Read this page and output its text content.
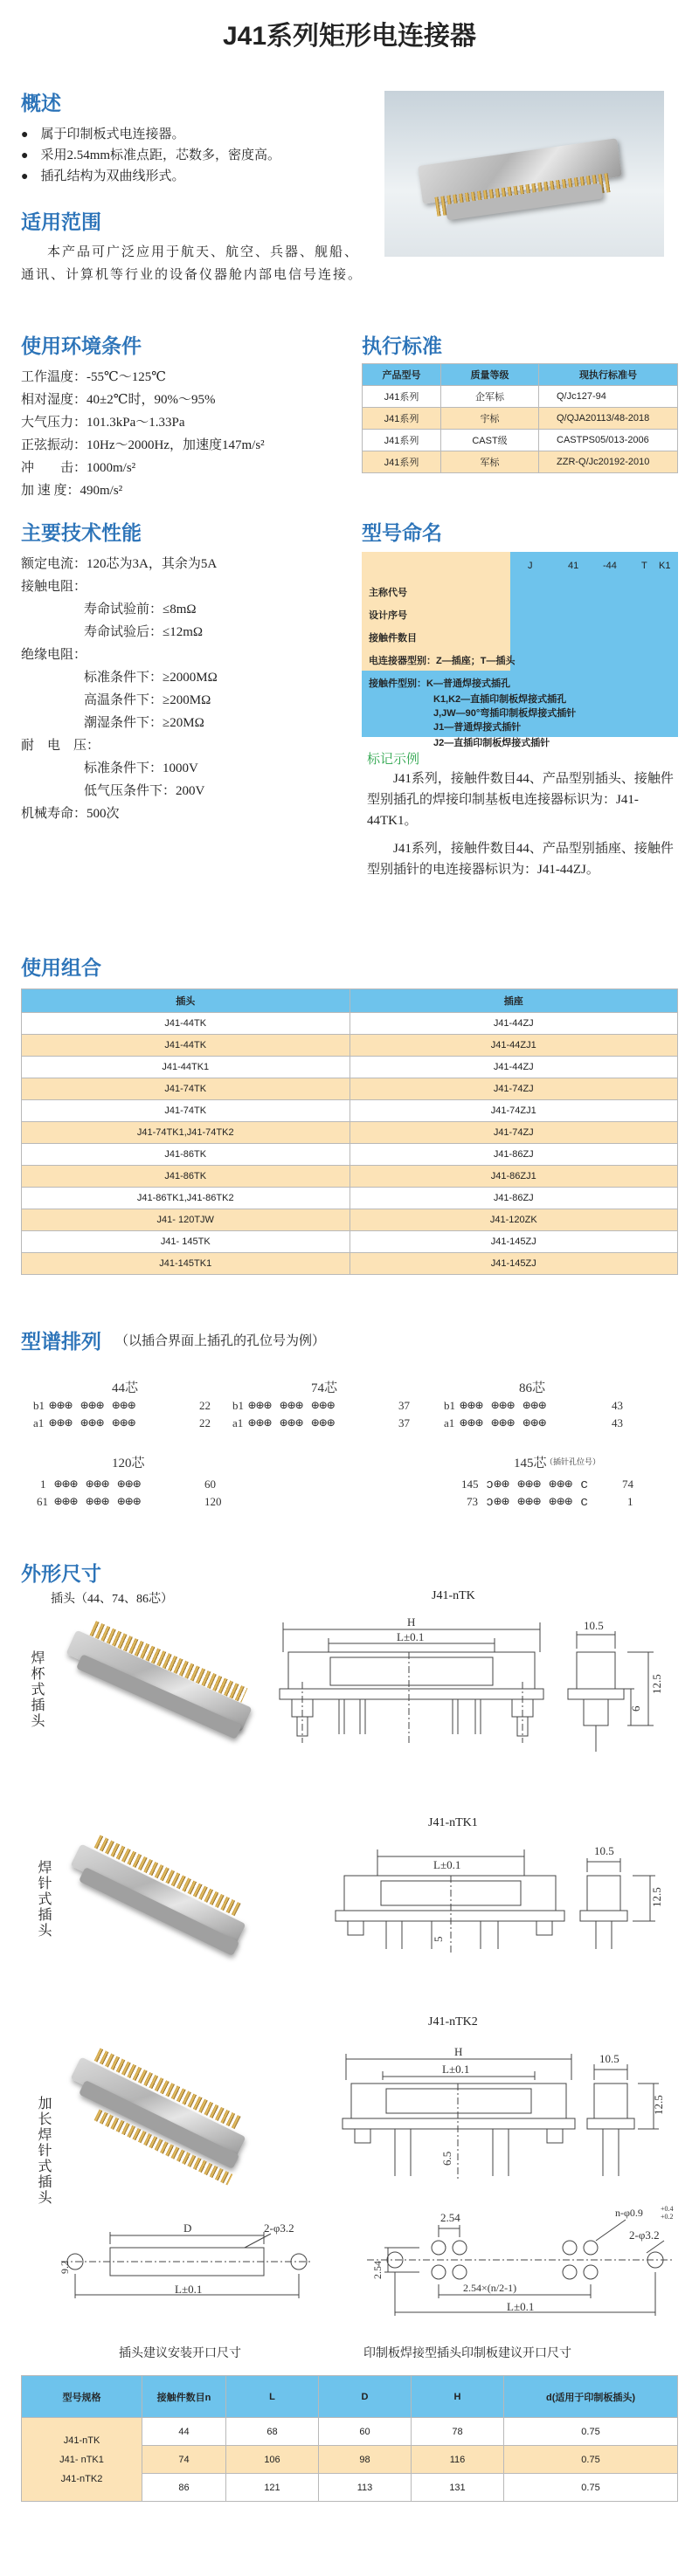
J41系列矩形电连接器
概述
● 属于印制板式电连接器。
● 采用2.54mm标准点距，芯数多，密度高。
● 插孔结构为双曲线形式。
适用范围
本产品可广泛应用于航天、航空、兵器、舰船、通讯、计算机等行业的设备仪器舱内部电信号连接。
使用环境条件
工作温度：-55℃～125℃
相对湿度：40±2℃时，90%～95%
大气压力：101.3kPa～1.33Pa
正弦振动：10Hz～2000Hz，加速度147m/s²
冲　　击：1000m/s²
加 速 度：490m/s²
执行标准
产品型号	质量等级	现执行标准号
J41系列	企军标	Q/Jc127-94
J41系列	宇标	Q/QJA20113/48-2018
J41系列	CAST级	CASTPS05/013-2006
J41系列	军标	ZZR-Q/Jc20192-2010
主要技术性能
额定电流：120芯为3A，其余为5A
接触电阻：
寿命试验前：≤8mΩ
寿命试验后：≤12mΩ
绝缘电阻：
标准条件下：≥2000MΩ
高温条件下：≥200MΩ
潮湿条件下：≥20MΩ
耐　电　压：
标准条件下：1000V
低气压条件下：200V
机械寿命：500次
型号命名
J	41	-44	T K1
主称代号
设计序号
接触件数目
电连接器型别：Z—插座；T—插头
接触件型别：K—普通焊接式插孔
K1,K2—直插印制板焊接式插孔
J,JW—90°弯插印制板焊接式插针
J1—普通焊接式插针
J2—直插印制板焊接式插针
标记示例
J41系列，接触件数目44、产品型别插头、接触件型别插孔的焊接印制基板电连接器标识为：J41-44TK1。
J41系列，接触件数目44、产品型别插座、接触件型别插针的电连接器标识为：J41-44ZJ。
使用组合
插头	插座
J41-44TK	J41-44ZJ
J41-44TK	J41-44ZJ1
J41-44TK1	J41-44ZJ
J41-74TK	J41-74ZJ
J41-74TK	J41-74ZJ1
J41-74TK1,J41-74TK2	J41-74ZJ
J41-86TK	J41-86ZJ
J41-86TK	J41-86ZJ1
J41-86TK1,J41-86TK2	J41-86ZJ
J41- 120TJW	J41-120ZK
J41- 145TK	J41-145ZJ
J41-145TK1	J41-145ZJ
型谱排列 （以插合界面上插孔的孔位号为例）
44芯
b1
a1
⊕⊕⊕ ⊕⊕⊕ ⊕⊕⊕
⊕⊕⊕ ⊕⊕⊕ ⊕⊕⊕
22
22
74芯
b1
a1
⊕⊕⊕ ⊕⊕⊕ ⊕⊕⊕
⊕⊕⊕ ⊕⊕⊕ ⊕⊕⊕
37
37
86芯
b1
a1
⊕⊕⊕ ⊕⊕⊕ ⊕⊕⊕
⊕⊕⊕ ⊕⊕⊕ ⊕⊕⊕
43
43
120芯
1
61
⊕⊕⊕ ⊕⊕⊕ ⊕⊕⊕
⊕⊕⊕ ⊕⊕⊕ ⊕⊕⊕
60
120
145芯
（插针孔位号）
145
73
ↄ⊕⊕ ⊕⊕⊕ ⊕⊕⊕ c
ↄ⊕⊕ ⊕⊕⊕ ⊕⊕⊕ c
74
1
外形尺寸
插头（44、74、86芯）	J41-nTK
焊杯式插头
H
L±0.1
10.5
12.5
6
J41-nTK1
焊针式插头	L±0.1
10.5
12.5
5
J41-nTK2
加长焊针式插头
H
L±0.1
10.5
12.5
6.5
D
L±0.1
2-φ3.2
9.2
2.54
2.54×(n/2-1)
L±0.1
2.54
n-φ0.9	+0.4
+0.2
2-φ3.2
插头建议安装开口尺寸	印制板焊接型插头印制板建议开口尺寸
型号规格	接触件数目n	L	D	H	d(适用于印制板插头)

J41-nTK
J41- nTK1
J41-nTK2	44	68	60	78	0.75
	74	106	98	116	0.75
	86	121	113	131	0.75
